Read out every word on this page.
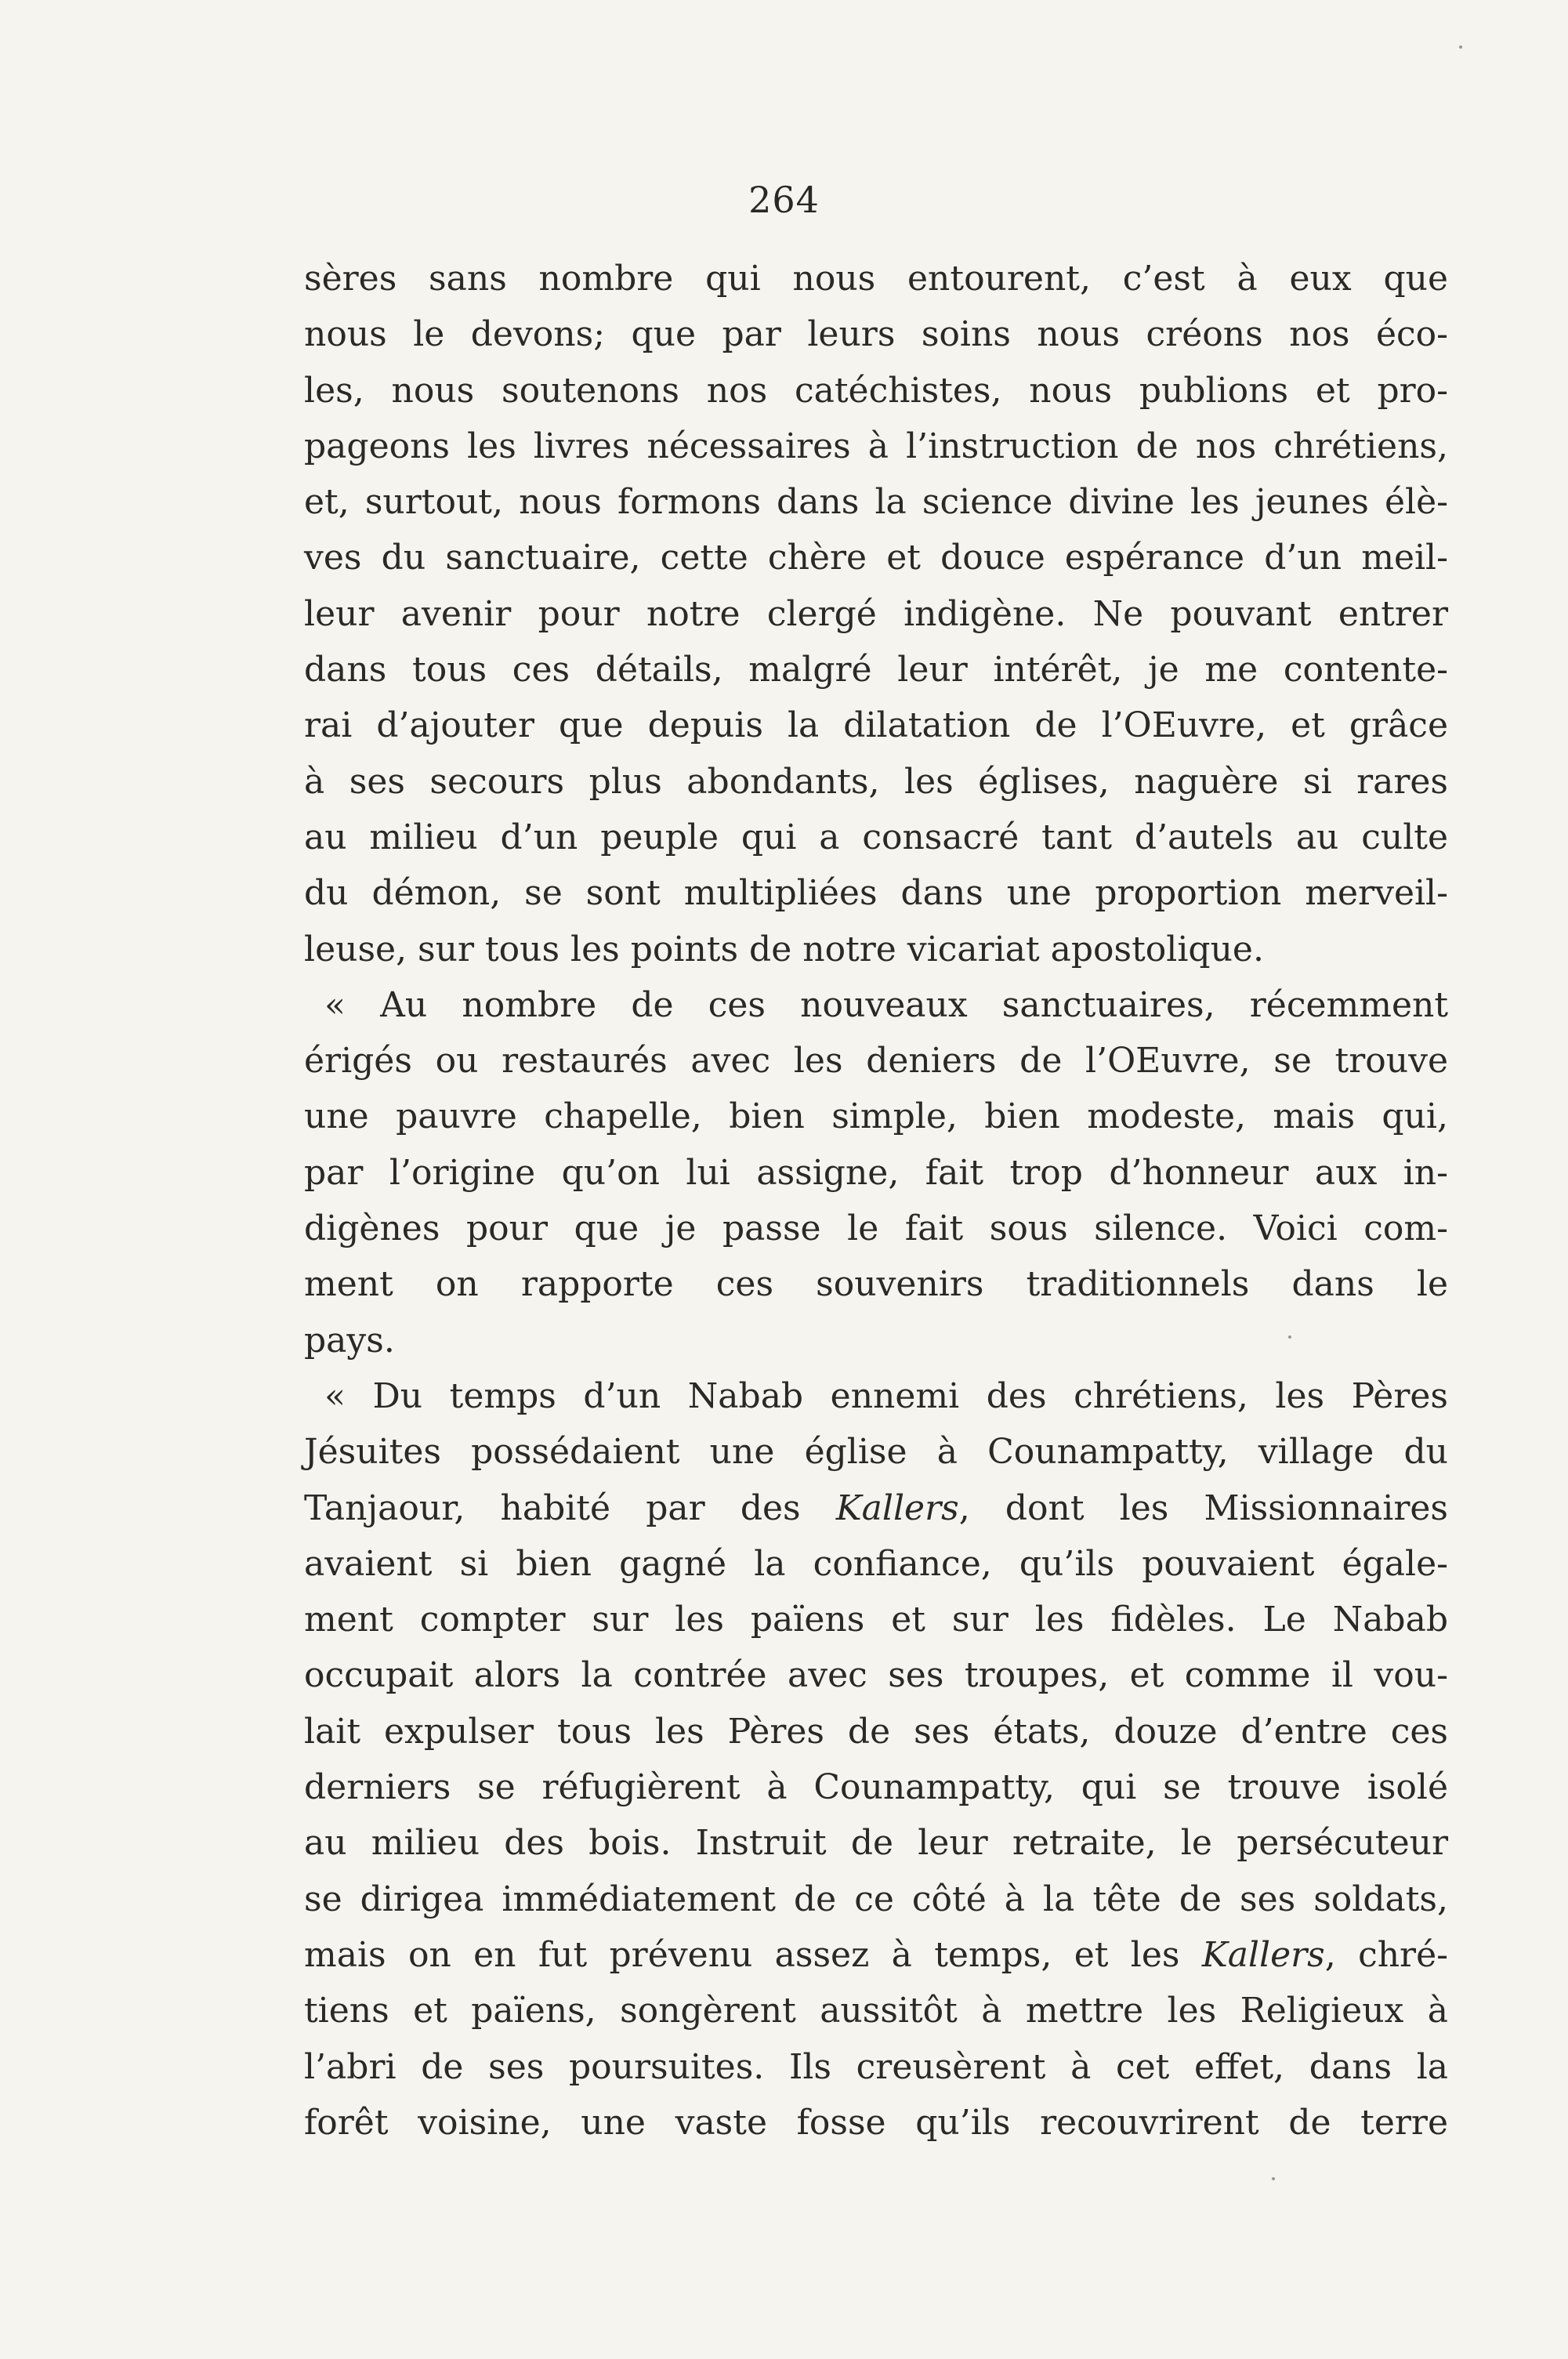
264
sères sans nombre qui nous entourent, c’est à eux que
nous le devons; que par leurs soins nous créons nos éco-
les, nous soutenons nos catéchistes, nous publions et pro-
pageons les livres nécessaires à l’instruction de nos chrétiens,
et, surtout, nous formons dans la science divine les jeunes élè-
ves du sanctuaire, cette chère et douce espérance d’un meil-
leur avenir pour notre clergé indigène. Ne pouvant entrer
dans tous ces détails, malgré leur intérêt, je me contente-
rai d’ajouter que depuis la dilatation de l’OEuvre, et grâce
à ses secours plus abondants, les églises, naguère si rares
au milieu d’un peuple qui a consacré tant d’autels au culte
du démon, se sont multipliées dans une proportion merveil-
leuse, sur tous les points de notre vicariat apostolique.
« Au nombre de ces nouveaux sanctuaires, récemment
érigés ou restaurés avec les deniers de l’OEuvre, se trouve
une pauvre chapelle, bien simple, bien modeste, mais qui,
par l’origine qu’on lui assigne, fait trop d’honneur aux in-
digènes pour que je passe le fait sous silence. Voici com-
ment on rapporte ces souvenirs traditionnels dans le
pays.
« Du temps d’un Nabab ennemi des chrétiens, les Pères
Jésuites possédaient une église à Counampatty, village du
Tanjaour, habité par des Kallers, dont les Missionnaires
avaient si bien gagné la confiance, qu’ils pouvaient égale-
ment compter sur les païens et sur les fidèles. Le Nabab
occupait alors la contrée avec ses troupes, et comme il vou-
lait expulser tous les Pères de ses états, douze d’entre ces
derniers se réfugièrent à Counampatty, qui se trouve isolé
au milieu des bois. Instruit de leur retraite, le persécuteur
se dirigea immédiatement de ce côté à la tête de ses soldats,
mais on en fut prévenu assez à temps, et les Kallers, chré-
tiens et païens, songèrent aussitôt à mettre les Religieux à
l’abri de ses poursuites. Ils creusèrent à cet effet, dans la
forêt voisine, une vaste fosse qu’ils recouvrirent de terre
